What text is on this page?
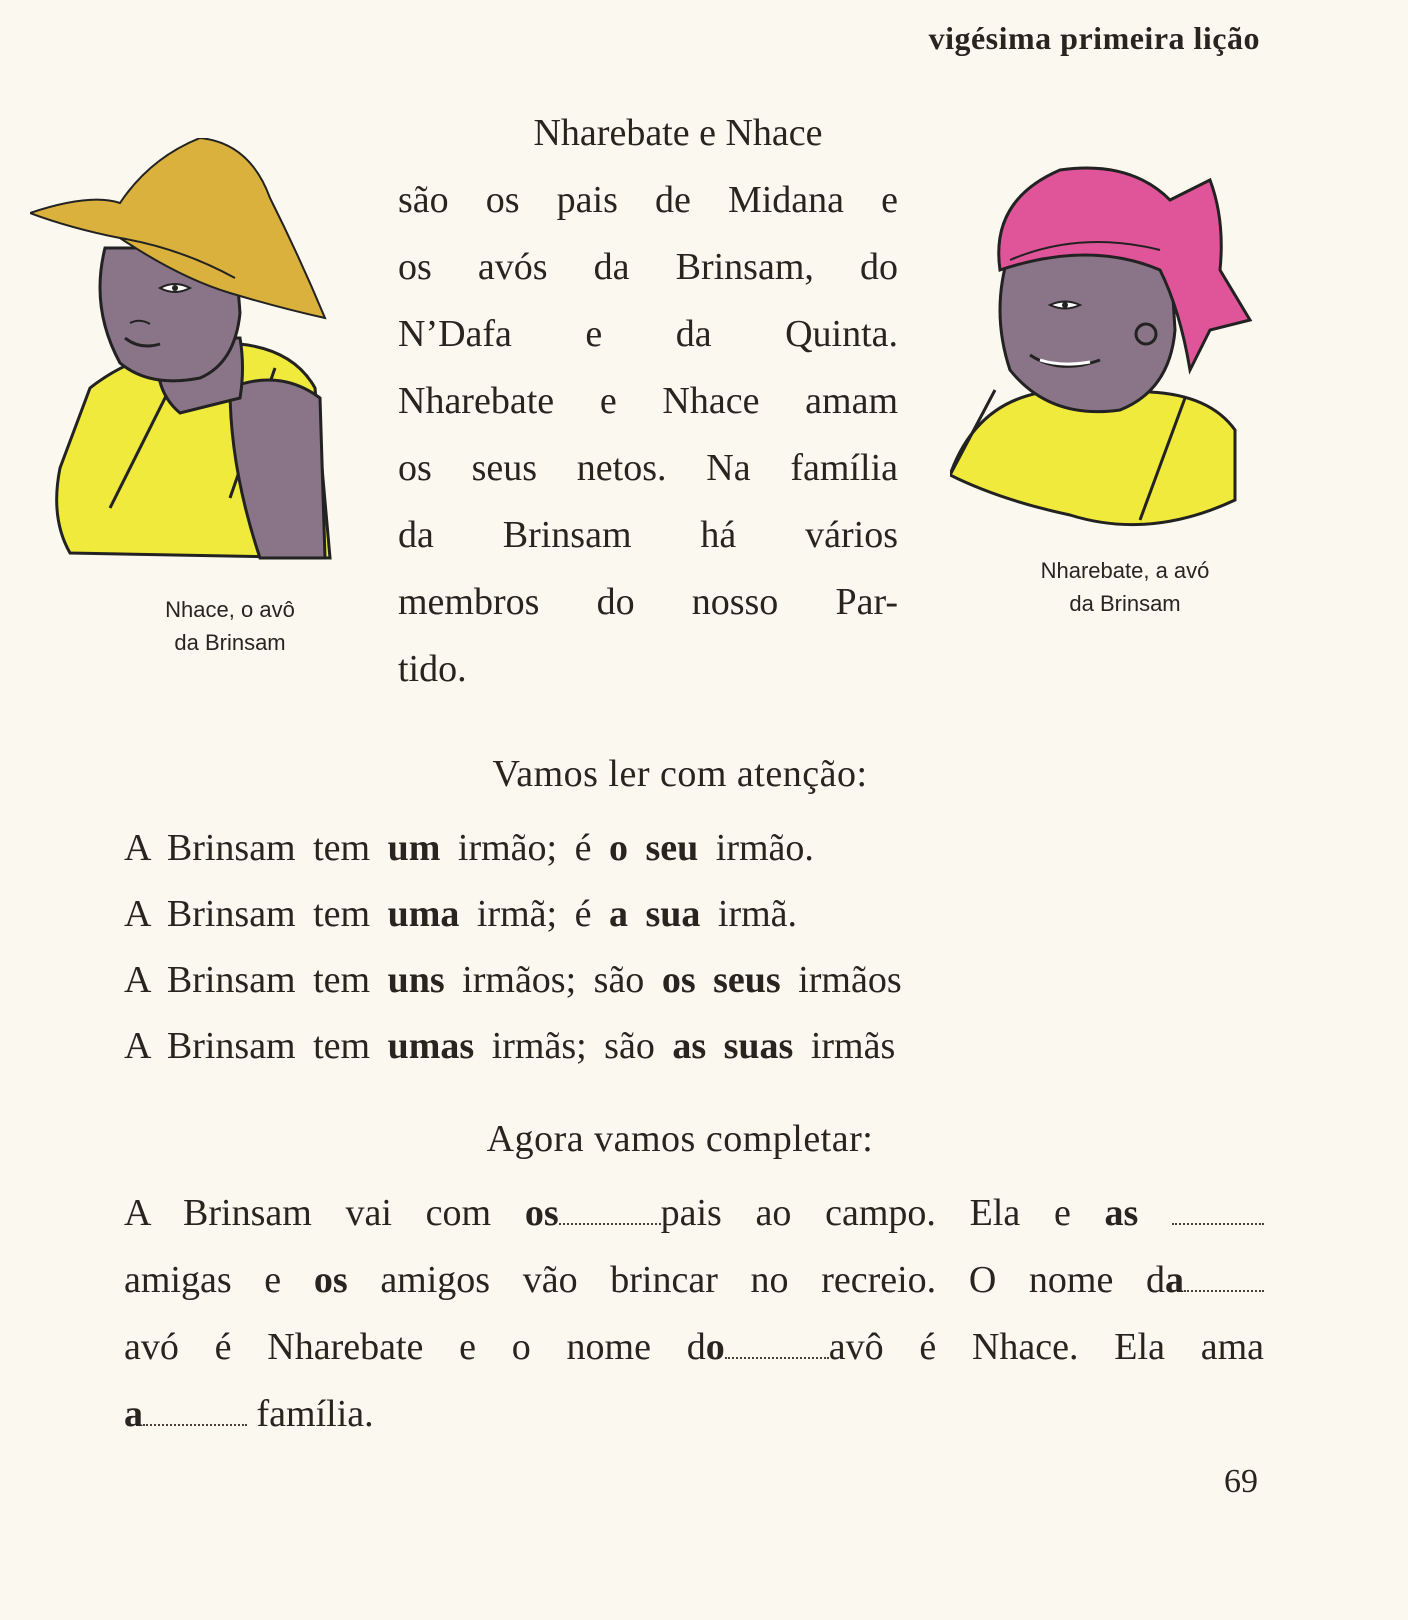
vigésima primeira lição
Nhace, o avô
da Brinsam
Nharebate, a avó
da Brinsam
Nharebate e Nhace
são os pais de Midana e
os avós da Brinsam, do
N’Dafa e da Quinta.
Nharebate e Nhace amam
os seus netos. Na família
da Brinsam há vários
membros do nosso Par-
tido.
Vamos ler com atenção:
A Brinsam tem um irmão; é o seu irmão.
A Brinsam tem uma irmã; é a sua irmã.
A Brinsam tem uns irmãos; são os seus irmãos
A Brinsam tem umas irmãs; são as suas irmãs
Agora vamos completar:
A Brinsam vai com os	pais ao campo. Ela e as
amigas e os amigos vão brincar no recreio. O nome da
avó é Nharebate e o nome do	avô é Nhace. Ela ama
a	família.
69
